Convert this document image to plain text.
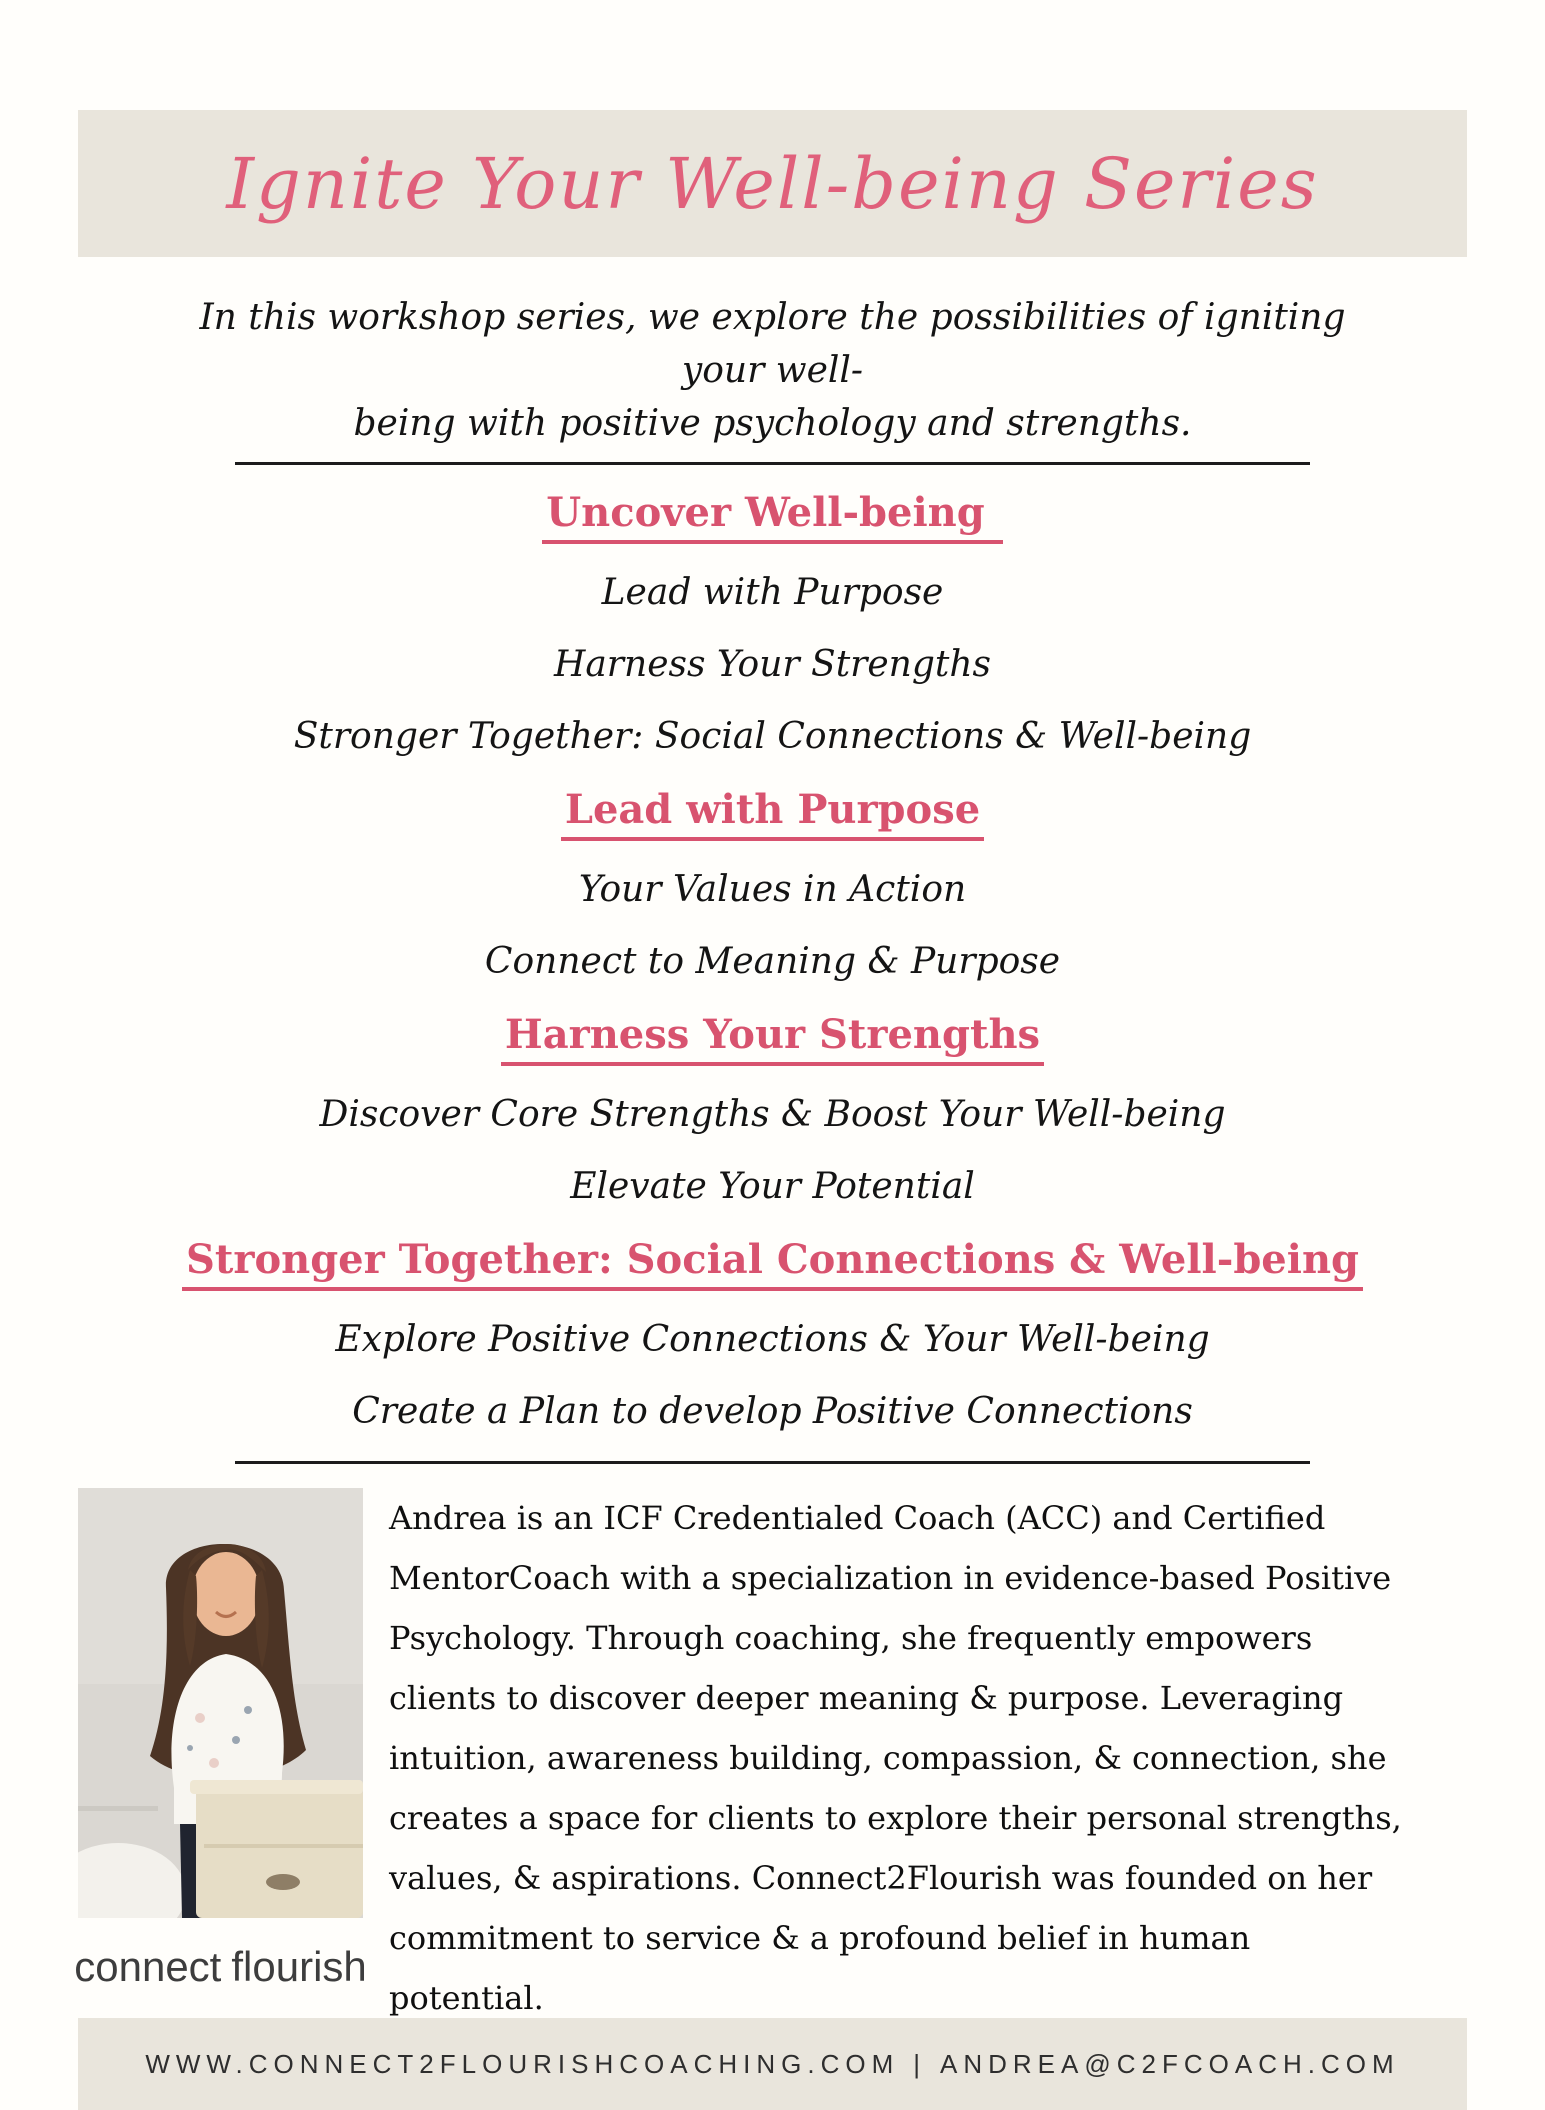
Ignite Your Well-being Series
In this workshop series, we explore the possibilities of igniting your well-
being with positive psychology and strengths.
Uncover Well-being
Lead with Purpose
Harness Your Strengths
Stronger Together: Social Connections & Well-being
Lead with Purpose
Your Values in Action
Connect to Meaning & Purpose
Harness Your Strengths
Discover Core Strengths & Boost Your Well-being
Elevate Your Potential
Stronger Together: Social Connections & Well-being
Explore Positive Connections & Your Well-being
Create a Plan to develop Positive Connections
connect flourish
Andrea is an ICF Credentialed Coach (ACC) and Certified MentorCoach with a specialization in evidence-based Positive Psychology. Through coaching, she frequently empowers clients to discover deeper meaning & purpose. Leveraging intuition, awareness building, compassion, & connection, she creates a space for clients to explore their personal strengths, values, & aspirations. Connect2Flourish was founded on her commitment to service & a profound belief in human potential.
WWW.CONNECT2FLOURISHCOACHING.COM | ANDREA@C2FCOACH.COM
